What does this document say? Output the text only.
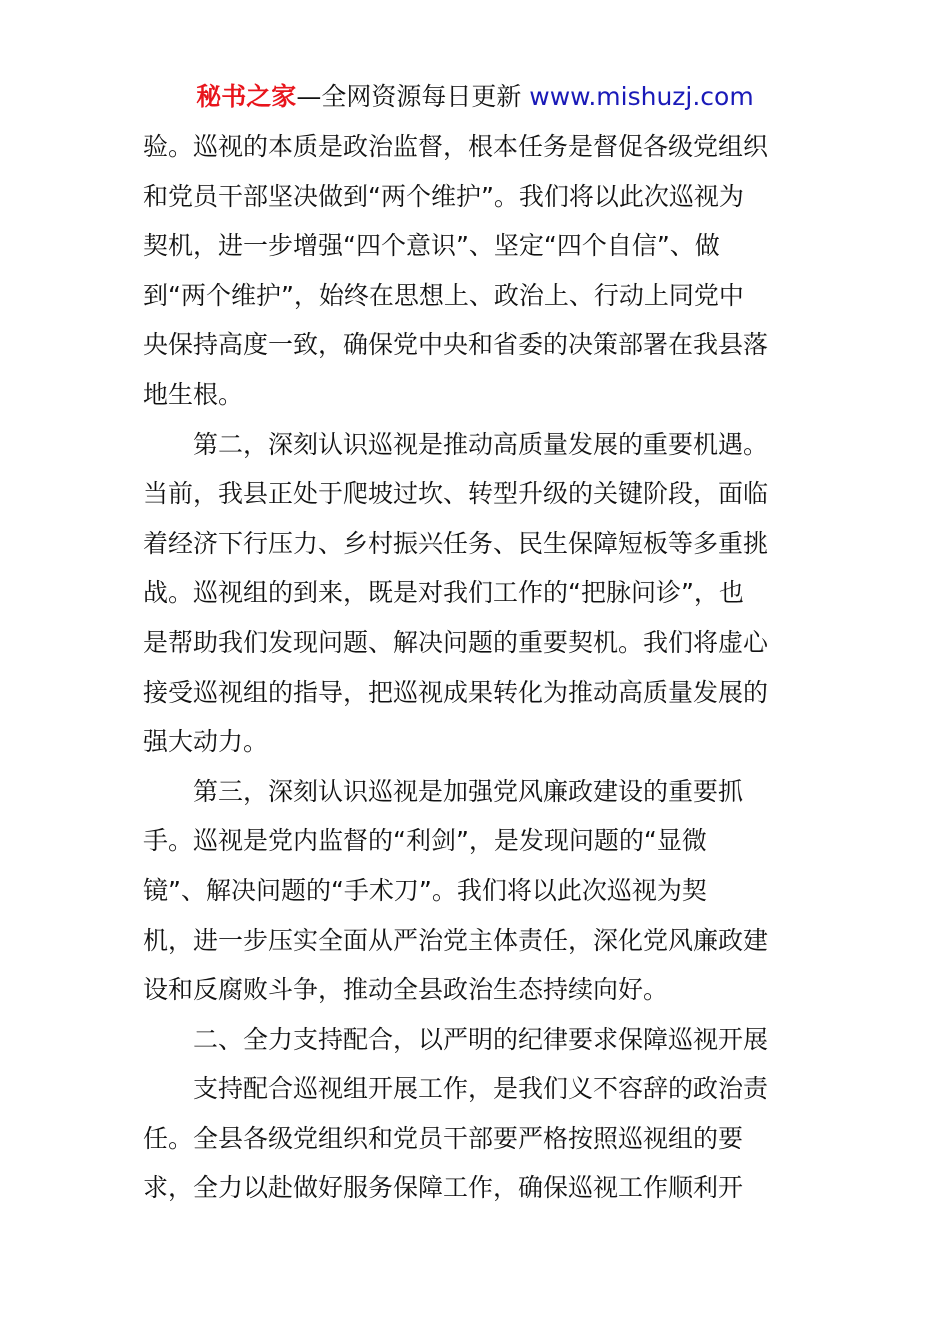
秘书之家—全网资源每日更新 www.mishuzj.com
验。巡视的本质是政治监督，根本任务是督促各级党组织
和党员干部坚决做到“两个维护”。我们将以此次巡视为
契机，进一步增强“四个意识”、坚定“四个自信”、做
到“两个维护”，始终在思想上、政治上、行动上同党中
央保持高度一致，确保党中央和省委的决策部署在我县落
地生根。
第二，深刻认识巡视是推动高质量发展的重要机遇。
当前，我县正处于爬坡过坎、转型升级的关键阶段，面临
着经济下行压力、乡村振兴任务、民生保障短板等多重挑
战。巡视组的到来，既是对我们工作的“把脉问诊”，也
是帮助我们发现问题、解决问题的重要契机。我们将虚心
接受巡视组的指导，把巡视成果转化为推动高质量发展的
强大动力。
第三，深刻认识巡视是加强党风廉政建设的重要抓
手。巡视是党内监督的“利剑”，是发现问题的“显微
镜”、解决问题的“手术刀”。我们将以此次巡视为契
机，进一步压实全面从严治党主体责任，深化党风廉政建
设和反腐败斗争，推动全县政治生态持续向好。
二、全力支持配合，以严明的纪律要求保障巡视开展
支持配合巡视组开展工作，是我们义不容辞的政治责
任。全县各级党组织和党员干部要严格按照巡视组的要
求，全力以赴做好服务保障工作，确保巡视工作顺利开
